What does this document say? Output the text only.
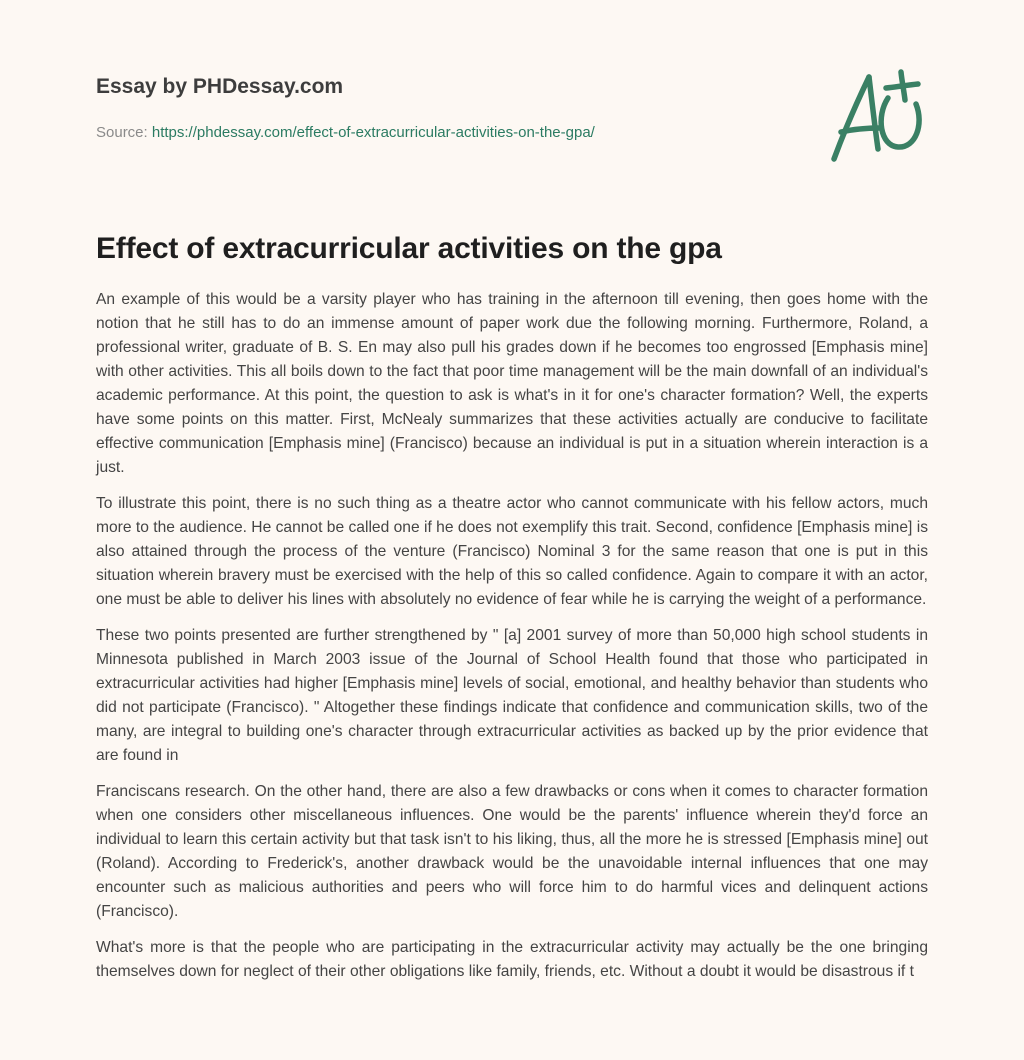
Essay by PHDessay.com
Source: https://phdessay.com/effect-of-extracurricular-activities-on-the-gpa/
Effect of extracurricular activities on the gpa

An example of this would be a varsity player who has training in the afternoon till evening, then goes home with the notion that he still has to do an immense amount of paper work due the following morning. Furthermore, Roland, a professional writer, graduate of B. S. En may also pull his grades down if he becomes too engrossed [Emphasis mine] with other activities. This all boils down to the fact that poor time management will be the main downfall of an individual's academic performance. At this point, the question to ask is what's in it for one's character formation? Well, the experts have some points on this matter. First, McNealy summarizes that these activities actually are conducive to facilitate effective communication [Emphasis mine] (Francisco) because an individual is put in a situation wherein interaction is a just.

To illustrate this point, there is no such thing as a theatre actor who cannot communicate with his fellow actors, much more to the audience. He cannot be called one if he does not exemplify this trait. Second, confidence [Emphasis mine] is also attained through the process of the venture (Francisco) Nominal 3 for the same reason that one is put in this situation wherein bravery must be exercised with the help of this so called confidence. Again to compare it with an actor, one must be able to deliver his lines with absolutely no evidence of fear while he is carrying the weight of a performance.

These two points presented are further strengthened by " [a] 2001 survey of more than 50,000 high school students in Minnesota published in March 2003 issue of the Journal of School Health found that those who participated in extracurricular activities had higher [Emphasis mine] levels of social, emotional, and healthy behavior than students who did not participate (Francisco). " Altogether these findings indicate that confidence and communication skills, two of the many, are integral to building one's character through extracurricular activities as backed up by the prior evidence that are found in

Franciscans research. On the other hand, there are also a few drawbacks or cons when it comes to character formation when one considers other miscellaneous influences. One would be the parents' influence wherein they'd force an individual to learn this certain activity but that task isn't to his liking, thus, all the more he is stressed [Emphasis mine] out (Roland). According to Frederick's, another drawback would be the unavoidable internal influences that one may encounter such as malicious authorities and peers who will force him to do harmful vices and delinquent actions (Francisco).

What's more is that the people who are participating in the extracurricular activity may actually be the one bringing themselves down for neglect of their other obligations like family, friends, etc. Without a doubt it would be disastrous if t
